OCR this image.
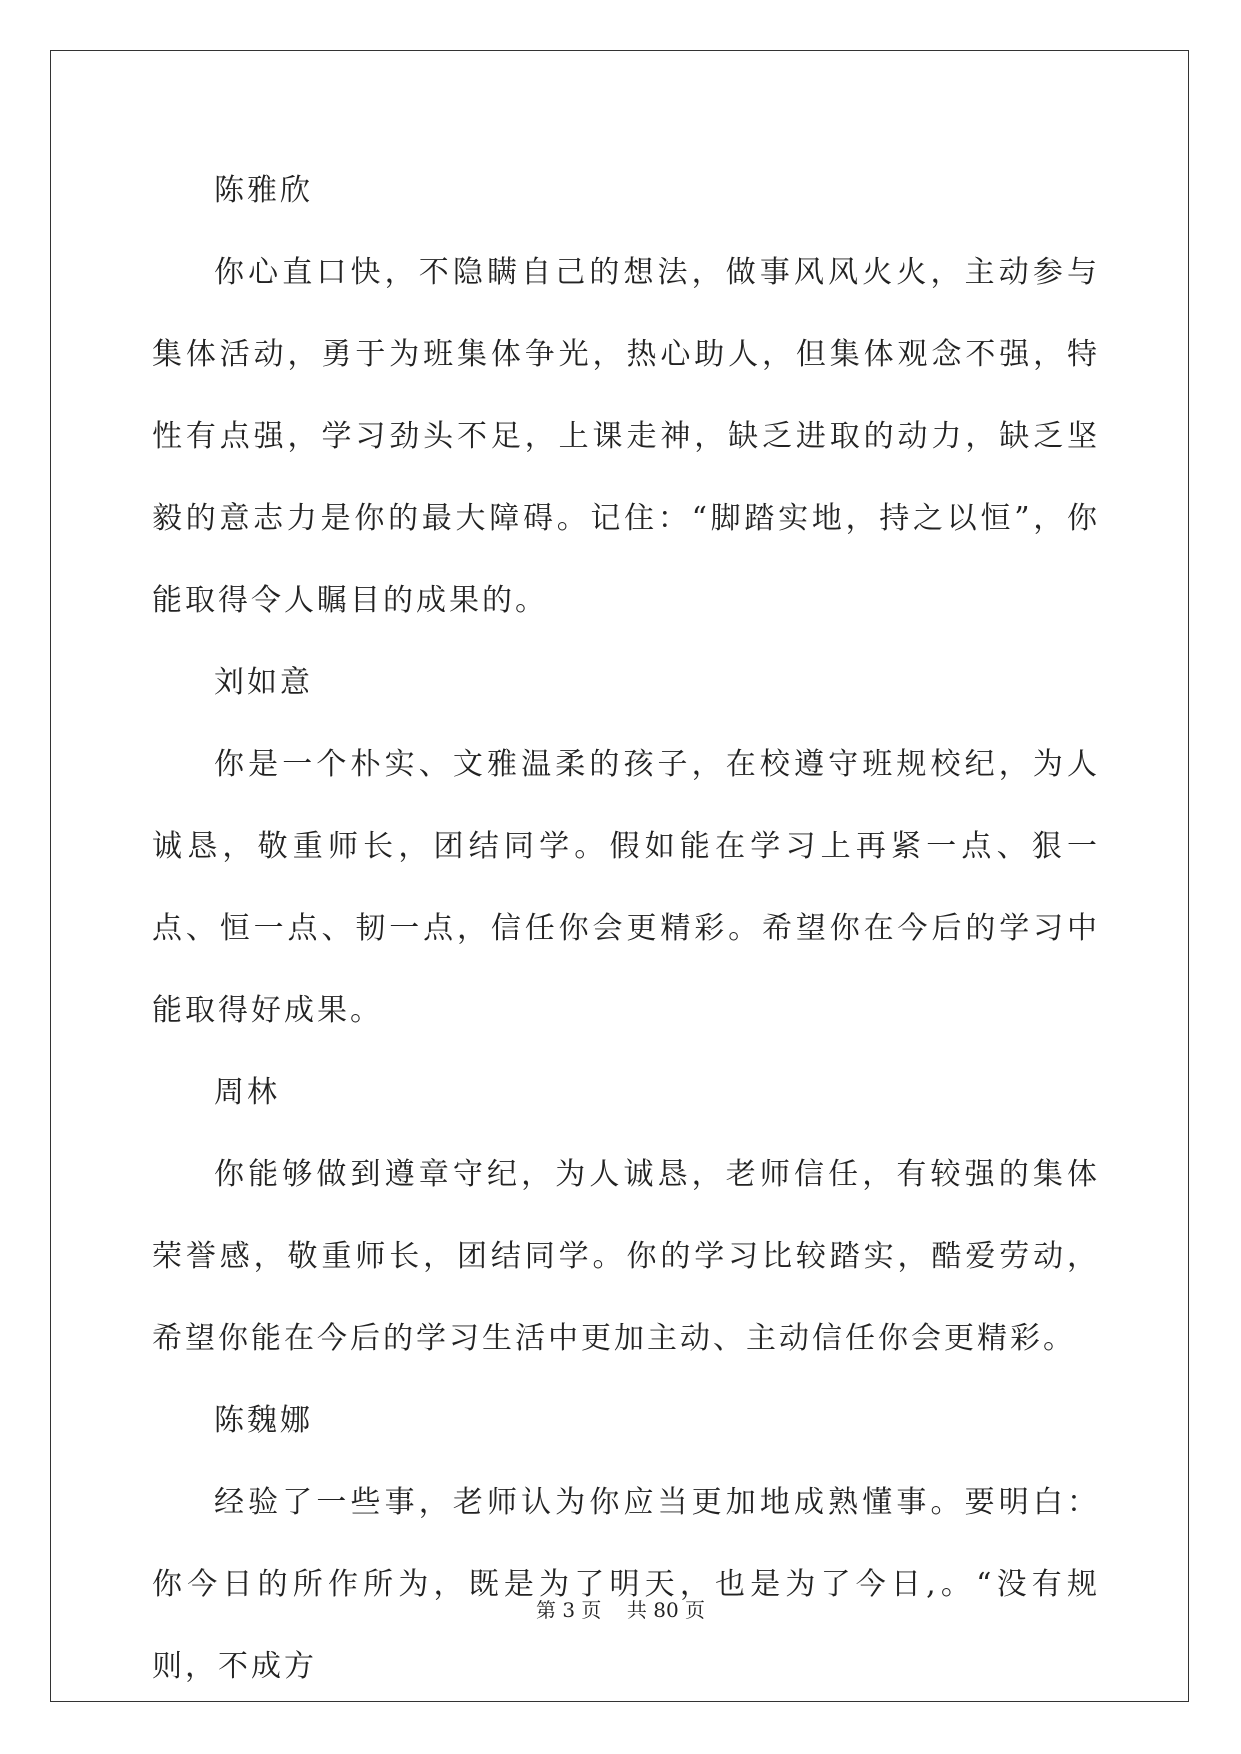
陈雅欣

你心直口快，不隐瞒自己的想法，做事风风火火，主动参与集体活动，勇于为班集体争光，热心助人，但集体观念不强，特性有点强，学习劲头不足，上课走神，缺乏进取的动力，缺乏坚毅的意志力是你的最大障碍。记住：“脚踏实地，持之以恒”，你能取得令人瞩目的成果的。

刘如意

你是一个朴实、文雅温柔的孩子，在校遵守班规校纪，为人诚恳，敬重师长，团结同学。假如能在学习上再紧一点、狠一点、恒一点、韧一点，信任你会更精彩。希望你在今后的学习中能取得好成果。

周林

你能够做到遵章守纪，为人诚恳，老师信任，有较强的集体荣誉感，敬重师长，团结同学。你的学习比较踏实，酷爱劳动，希望你能在今后的学习生活中更加主动、主动信任你会更精彩。

陈魏娜

经验了一些事，老师认为你应当更加地成熟懂事。要明白：你今日的所作所为，既是为了明天，也是为了今日,。“没有规则，不成方

第 3 页 共 80 页
